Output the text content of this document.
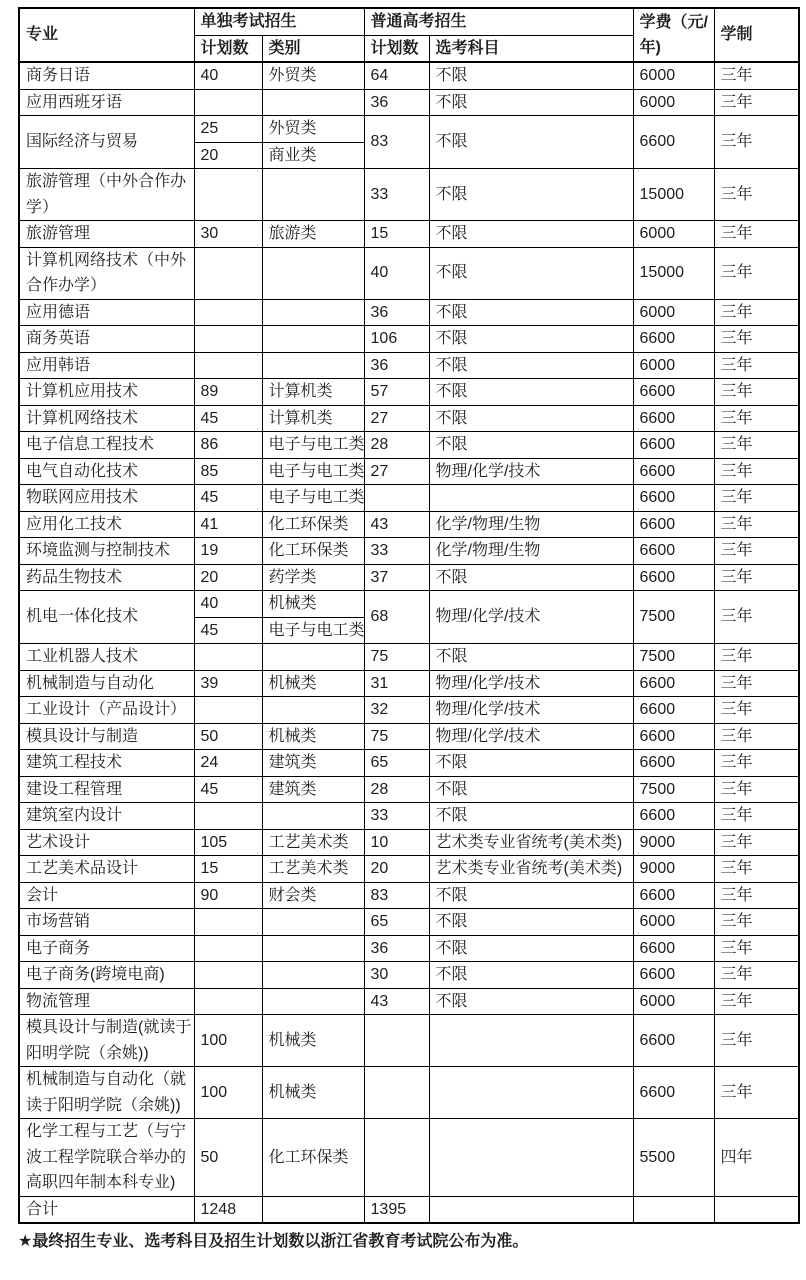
专业	单独考试招生		普通高考招生		学费（元/年)	学制
	计划数	类别	计划数	选考科目		
商务日语	40	外贸类	64	不限	6000	三年
应用西班牙语			36	不限	6000	三年
国际经济与贸易	25	外贸类	83	不限	6600	三年
	20	商业类				
旅游管理（中外合作办学）			33	不限	15000	三年
旅游管理	30	旅游类	15	不限	6000	三年
计算机网络技术（中外合作办学）			40	不限	15000	三年
应用德语			36	不限	6000	三年
商务英语			106	不限	6600	三年
应用韩语			36	不限	6000	三年
计算机应用技术	89	计算机类	57	不限	6600	三年
计算机网络技术	45	计算机类	27	不限	6600	三年
电子信息工程技术	86	电子与电工类	28	不限	6600	三年
电气自动化技术	85	电子与电工类	27	物理/化学/技术	6600	三年
物联网应用技术	45	电子与电工类			6600	三年
应用化工技术	41	化工环保类	43	化学/物理/生物	6600	三年
环境监测与控制技术	19	化工环保类	33	化学/物理/生物	6600	三年
药品生物技术	20	药学类	37	不限	6600	三年
机电一体化技术	40	机械类	68	物理/化学/技术	7500	三年
	45	电子与电工类				
工业机器人技术			75	不限	7500	三年
机械制造与自动化	39	机械类	31	物理/化学/技术	6600	三年
工业设计（产品设计）			32	物理/化学/技术	6600	三年
模具设计与制造	50	机械类	75	物理/化学/技术	6600	三年
建筑工程技术	24	建筑类	65	不限	6600	三年
建设工程管理	45	建筑类	28	不限	7500	三年
建筑室内设计			33	不限	6600	三年
艺术设计	105	工艺美术类	10	艺术类专业省统考(美术类)	9000	三年
工艺美术品设计	15	工艺美术类	20	艺术类专业省统考(美术类)	9000	三年
会计	90	财会类	83	不限	6600	三年
市场营销			65	不限	6000	三年
电子商务			36	不限	6600	三年
电子商务(跨境电商)			30	不限	6600	三年
物流管理			43	不限	6000	三年
模具设计与制造(就读于阳明学院（余姚))	100	机械类			6600	三年
机械制造与自动化（就读于阳明学院（余姚))	100	机械类			6600	三年
化学工程与工艺（与宁波工程学院联合举办的高职四年制本科专业)	50	化工环保类			5500	四年
合计	1248		1395			

★最终招生专业、选考科目及招生计划数以浙江省教育考试院公布为准。
